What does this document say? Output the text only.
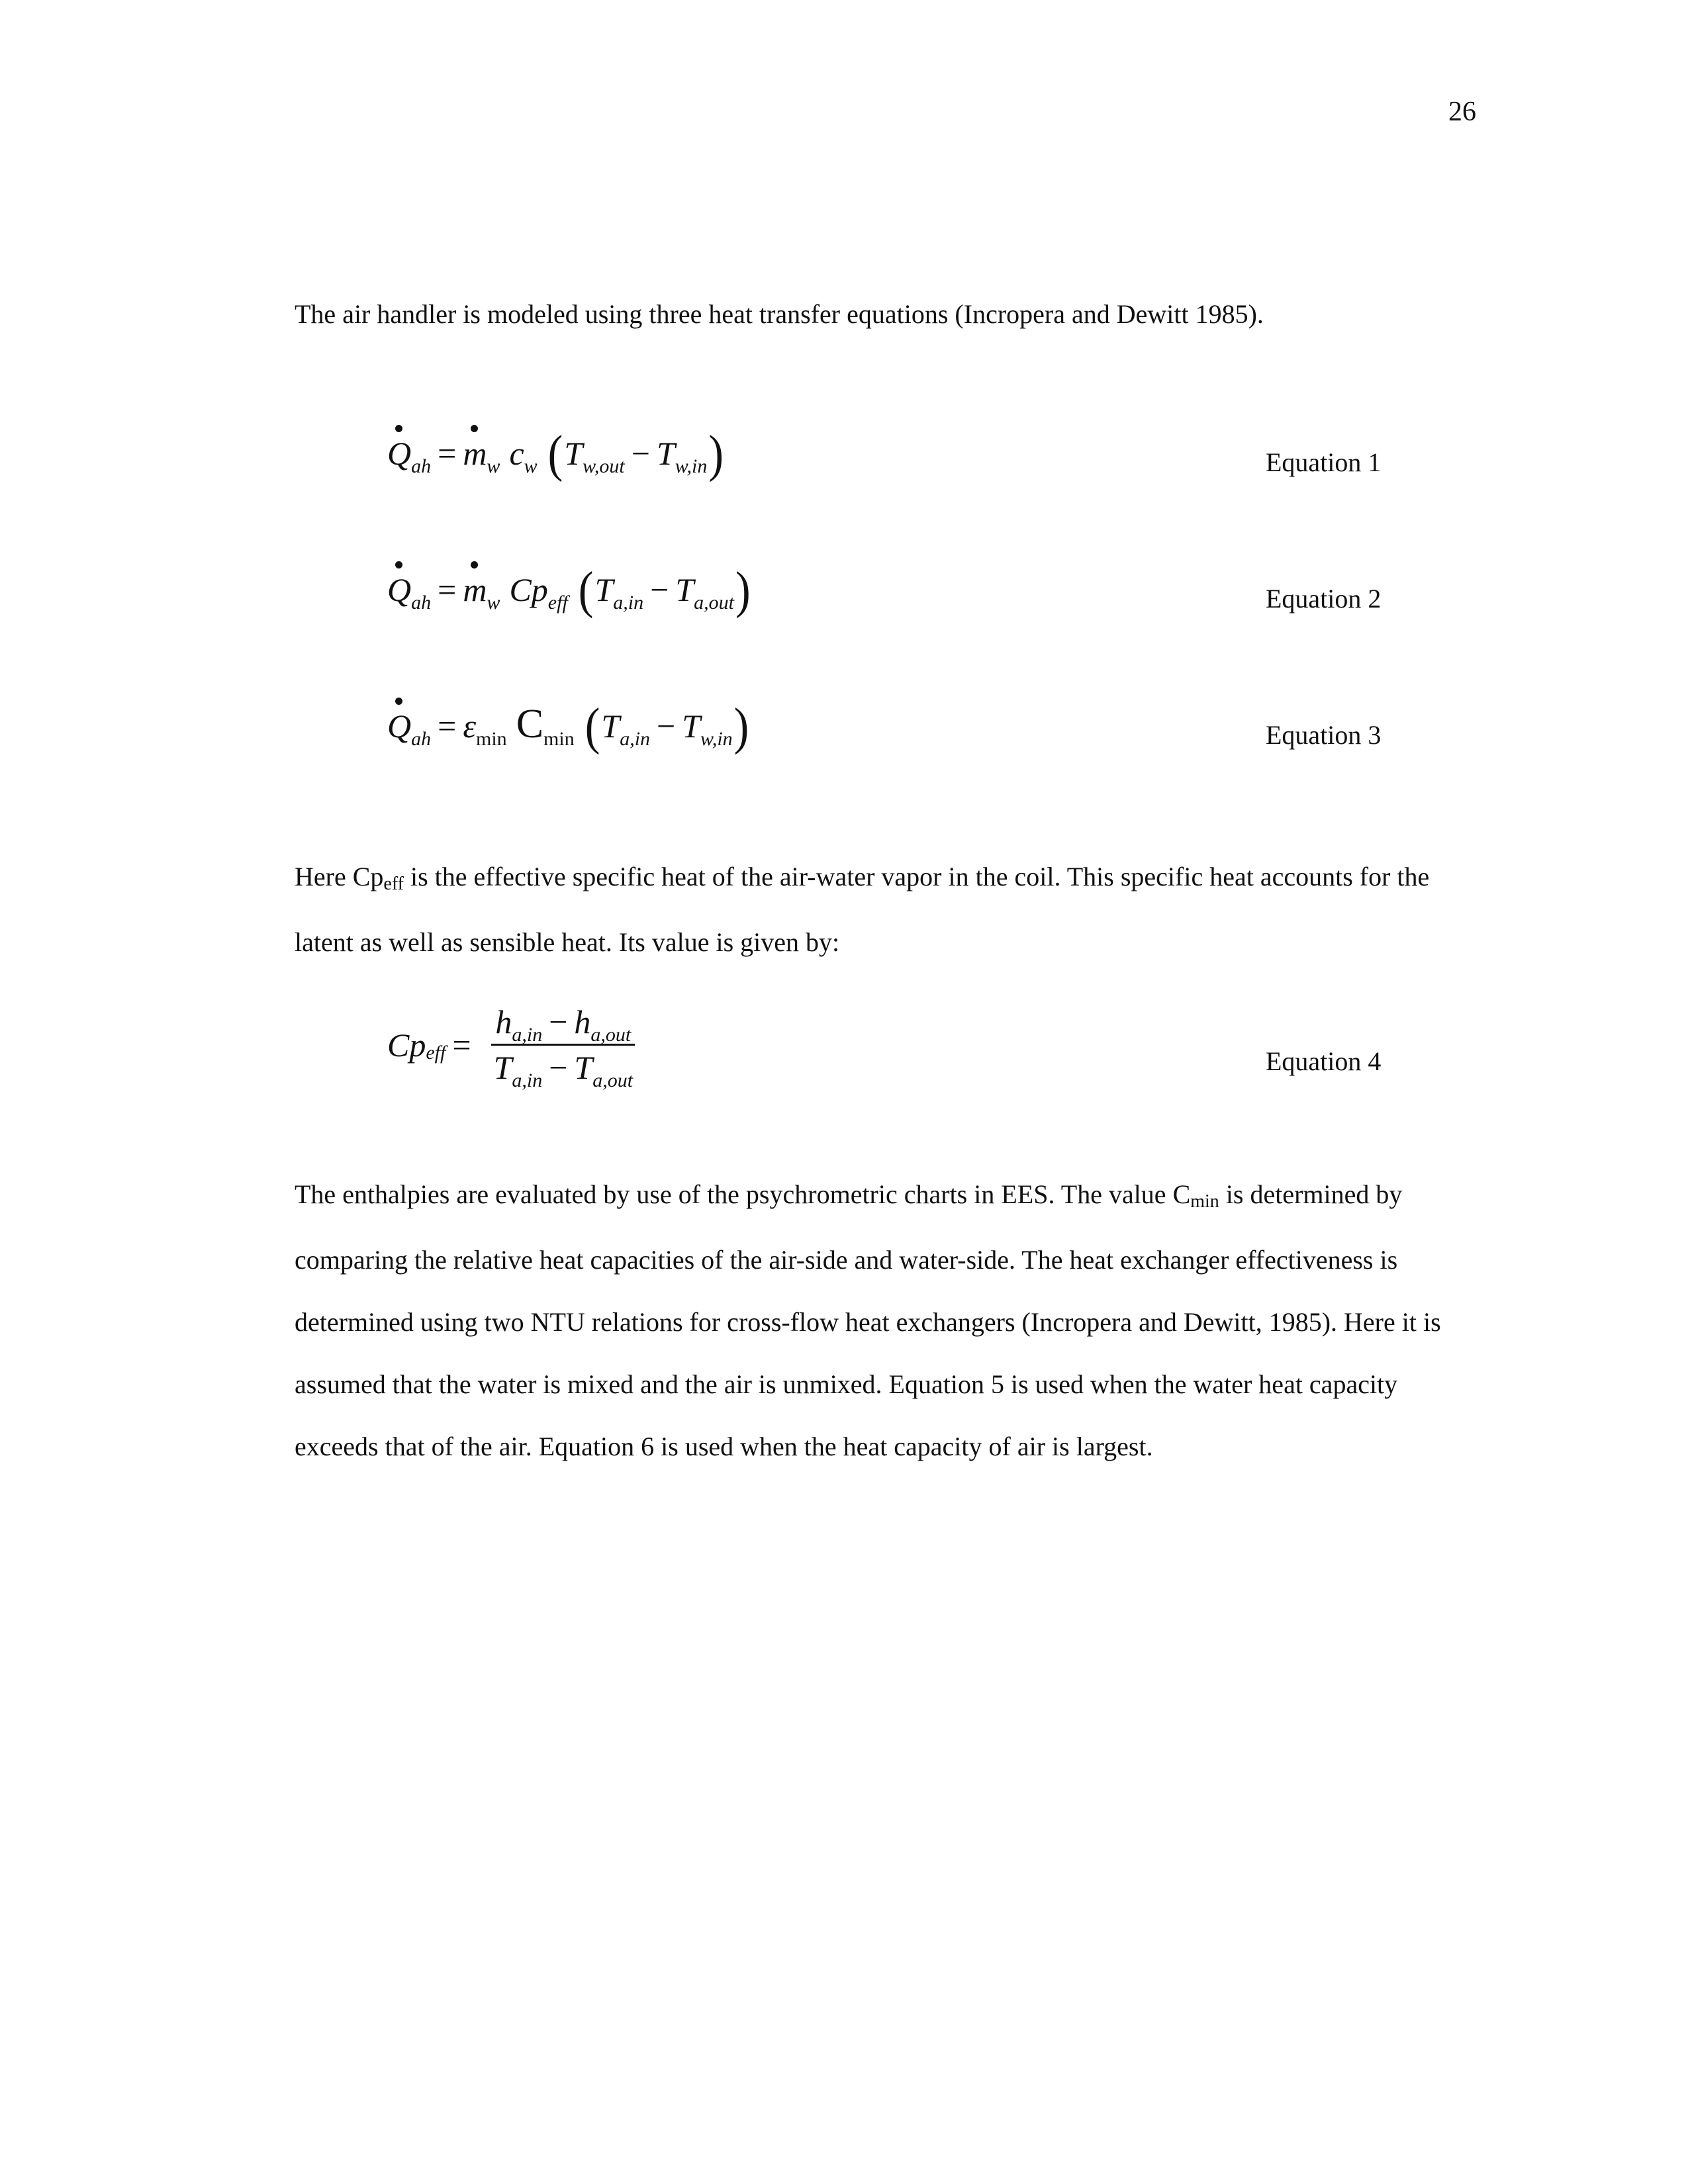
26

The air handler is modeled using three heat transfer equations (Incropera and Dewitt 1985).

Q ah = m w c w ( T w,out − T w,in )	Equation 1
Q ah = m w Cp eff ( T a,in − T a,out )	Equation 2
Q ah = ε min C min ( T a,in − T w,in )	Equation 3

Here $Cp_{eff}$ is the effective specific heat of the air-water vapor in the coil. This specific heat accounts for the latent as well as sensible heat. Its value is given by:

Cp eff = $\frac{h_{a,in} - h_{a,out}}{T_{a,in} - T_{a,out}}$	Equation 4

The enthalpies are evaluated by use of the psychrometric charts in EES. The value $C_{min}$ is determined by comparing the relative heat capacities of the air-side and water-side. The heat exchanger effectiveness is determined using two NTU relations for cross-flow heat exchangers (Incropera and Dewitt, 1985). Here it is assumed that the water is mixed and the air is unmixed. Equation 5 is used when the water heat capacity exceeds that of the air. Equation 6 is used when the heat capacity of air is largest.
